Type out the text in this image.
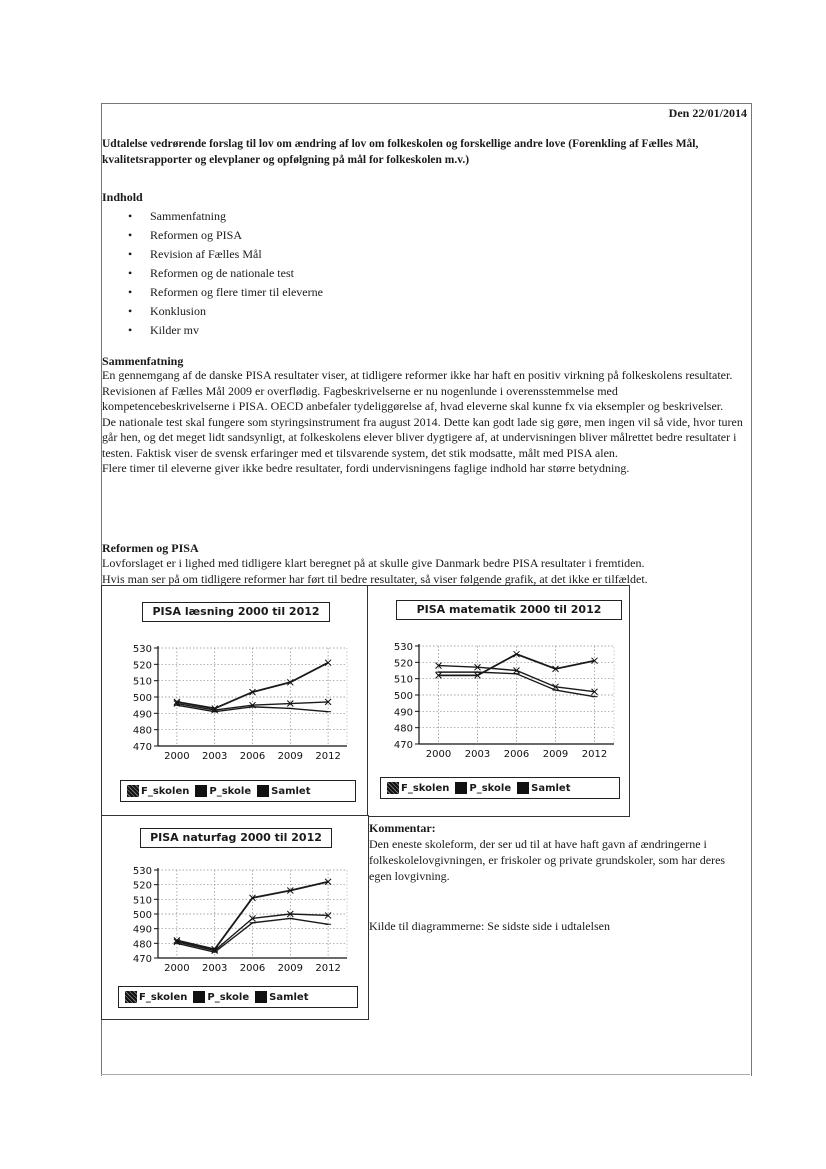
Den 22/01/2014
Udtalelse vedrørende forslag til lov om ændring af lov om folkeskolen og forskellige andre love (Forenkling af Fælles Mål, kvalitetsrapporter og elevplaner og opfølgning på mål for folkeskolen m.v.)
Indhold
• Sammenfatning
• Reformen og PISA
• Revision af Fælles Mål
• Reformen og de nationale test
• Reformen og flere timer til eleverne
• Konklusion
• Kilder mv
Sammenfatning
En gennemgang af de danske PISA resultater viser, at tidligere reformer ikke har haft en positiv virkning på folkeskolens resultater.
Revisionen af Fælles Mål 2009 er overflødig. Fagbeskrivelserne er nu nogenlunde i overensstemmelse med kompetencebeskrivelserne i PISA. OECD anbefaler tydeliggørelse af, hvad eleverne skal kunne fx via eksempler og beskrivelser.
De nationale test skal fungere som styringsinstrument fra august 2014. Dette kan godt lade sig gøre, men ingen vil så vide, hvor turen går hen, og det meget lidt sandsynligt, at folkeskolens elever bliver dygtigere af, at undervisningen bliver målrettet bedre resultater i testen. Faktisk viser de svensk erfaringer med et tilsvarende system, det stik modsatte, målt med PISA alen.
Flere timer til eleverne giver ikke bedre resultater, fordi undervisningens faglige indhold har større betydning.
Reformen og PISA
Lovforslaget er i lighed med tidligere klart beregnet på at skulle give Danmark bedre PISA resultater i fremtiden.
Hvis man ser på om tidligere reformer har ført til bedre resultater, så viser følgende grafik, at det ikke er tilfældet.
PISA læsning 2000 til 2012
470
480
490
500
510
520
530
2000 2003 2006 2009 2012
F_skolen P_skole Samlet
PISA matematik 2000 til 2012
470
480
490
500
510
520
530
2000 2003 2006 2009 2012
F_skolen P_skole Samlet
PISA naturfag 2000 til 2012
470
480
490
500
510
520
530
2000 2003 2006 2009 2012
F_skolen P_skole Samlet
Kommentar:
Den eneste skoleform, der ser ud til at have haft gavn af ændringerne i folkeskolelovgivningen, er friskoler og private grundskoler, som har deres egen lovgivning.
Kilde til diagrammerne: Se sidste side i udtalelsen
